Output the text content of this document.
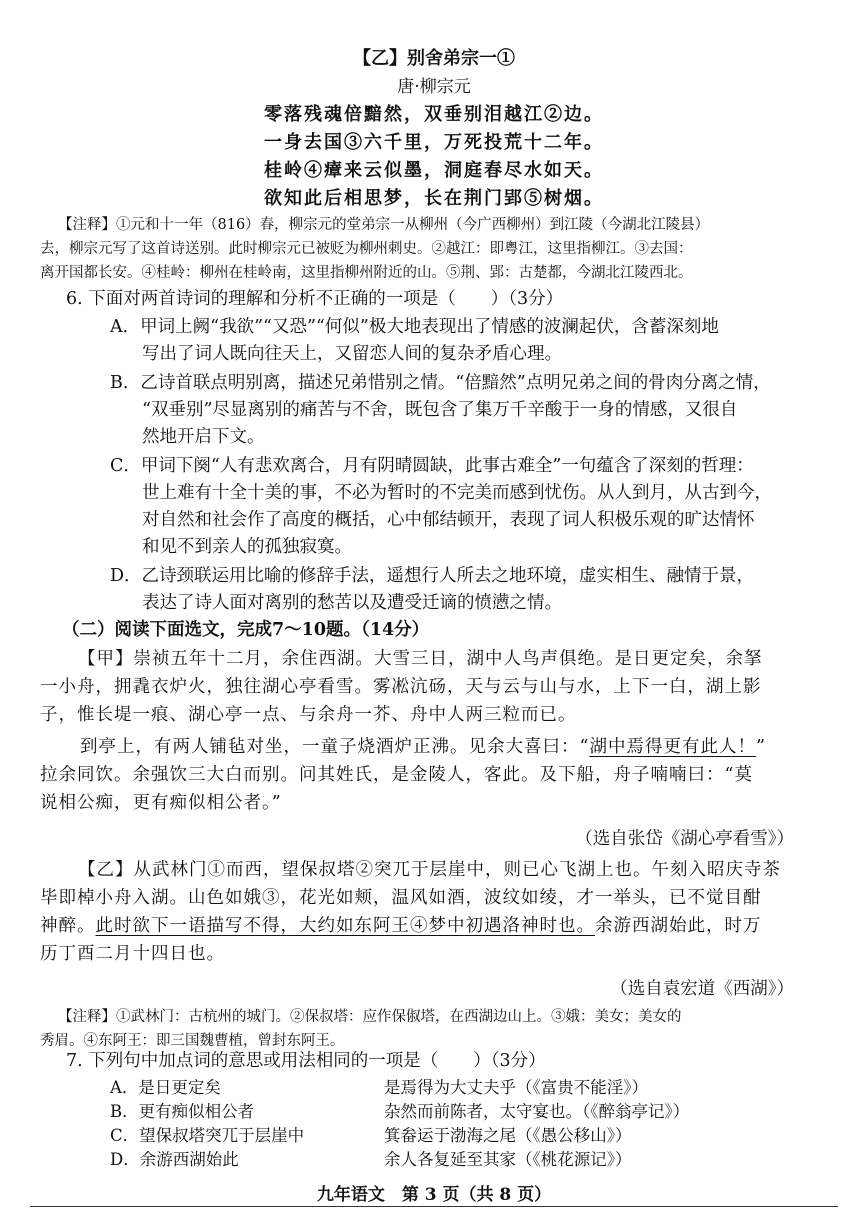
【乙】别舍弟宗一①
唐·柳宗元
零落残魂倍黯然，双垂别泪越江②边。
一身去国③六千里，万死投荒十二年。
桂岭④瘴来云似墨，洞庭春尽水如天。
欲知此后相思梦，长在荆门郢⑤树烟。
【注释】①元和十一年（816）春，柳宗元的堂弟宗一从柳州（今广西柳州）到江陵（今湖北江陵县）
去，柳宗元写了这首诗送别。此时柳宗元已被贬为柳州刺史。②越江：即粤江，这里指柳江。③去国：
离开国都长安。④桂岭：柳州在桂岭南，这里指柳州附近的山。⑤荆、郢：古楚都，今湖北江陵西北。
6. 下面对两首诗词的理解和分析不正确的一项是（　　）（3分）
A．甲词上阙“我欲”“又恐”“何似”极大地表现出了情感的波澜起伏，含蓄深刻地
写出了词人既向往天上，又留恋人间的复杂矛盾心理。
B．乙诗首联点明别离，描述兄弟惜别之情。“倍黯然”点明兄弟之间的骨肉分离之情，
“双垂别”尽显离别的痛苦与不舍，既包含了集万千辛酸于一身的情感，又很自
然地开启下文。
C．甲词下阕“人有悲欢离合，月有阴晴圆缺，此事古难全”一句蕴含了深刻的哲理：
世上难有十全十美的事，不必为暂时的不完美而感到忧伤。从人到月，从古到今，
对自然和社会作了高度的概括，心中郁结顿开，表现了词人积极乐观的旷达情怀
和见不到亲人的孤独寂寞。
D．乙诗颈联运用比喻的修辞手法，遥想行人所去之地环境，虚实相生、融情于景，
表达了诗人面对离别的愁苦以及遭受迁谪的愤懑之情。
（二）阅读下面选文，完成7～10题。（14分）
【甲】崇祯五年十二月，余住西湖。大雪三日，湖中人鸟声俱绝。是日更定矣，余拏
一小舟，拥毳衣炉火，独往湖心亭看雪。雾凇沆砀，天与云与山与水，上下一白，湖上影
子，惟长堤一痕、湖心亭一点、与余舟一芥、舟中人两三粒而已。
到亭上，有两人铺毡对坐，一童子烧酒炉正沸。见余大喜曰：“湖中焉得更有此人！”
拉余同饮。余强饮三大白而别。问其姓氏，是金陵人，客此。及下船，舟子喃喃曰：“莫
说相公痴，更有痴似相公者。”
（选自张岱《湖心亭看雪》）
【乙】从武林门①而西，望保叔塔②突兀于层崖中，则已心飞湖上也。午刻入昭庆寺茶
毕即棹小舟入湖。山色如娥③，花光如颊，温风如酒，波纹如绫，才一举头，已不觉目酣
神醉。此时欲下一语描写不得，大约如东阿王④梦中初遇洛神时也。余游西湖始此，时万
历丁酉二月十四日也。
（选自袁宏道《西湖》）
【注释】①武林门：古杭州的城门。②保叔塔：应作保俶塔，在西湖边山上。③娥：美女；美女的
秀眉。④东阿王：即三国魏曹植，曾封东阿王。
7. 下列句中加点词的意思或用法相同的一项是（　　）（3分）
A．是日更定矣	是焉得为大丈夫乎（《富贵不能淫》）
B．更有痴似相公者	杂然而前陈者，太守宴也。（《醉翁亭记》）
C．望保叔塔突兀于层崖中	箕畚运于渤海之尾（《愚公移山》）
D．余游西湖始此	余人各复延至其家（《桃花源记》）
九年语文　第 3 页（共 8 页）
